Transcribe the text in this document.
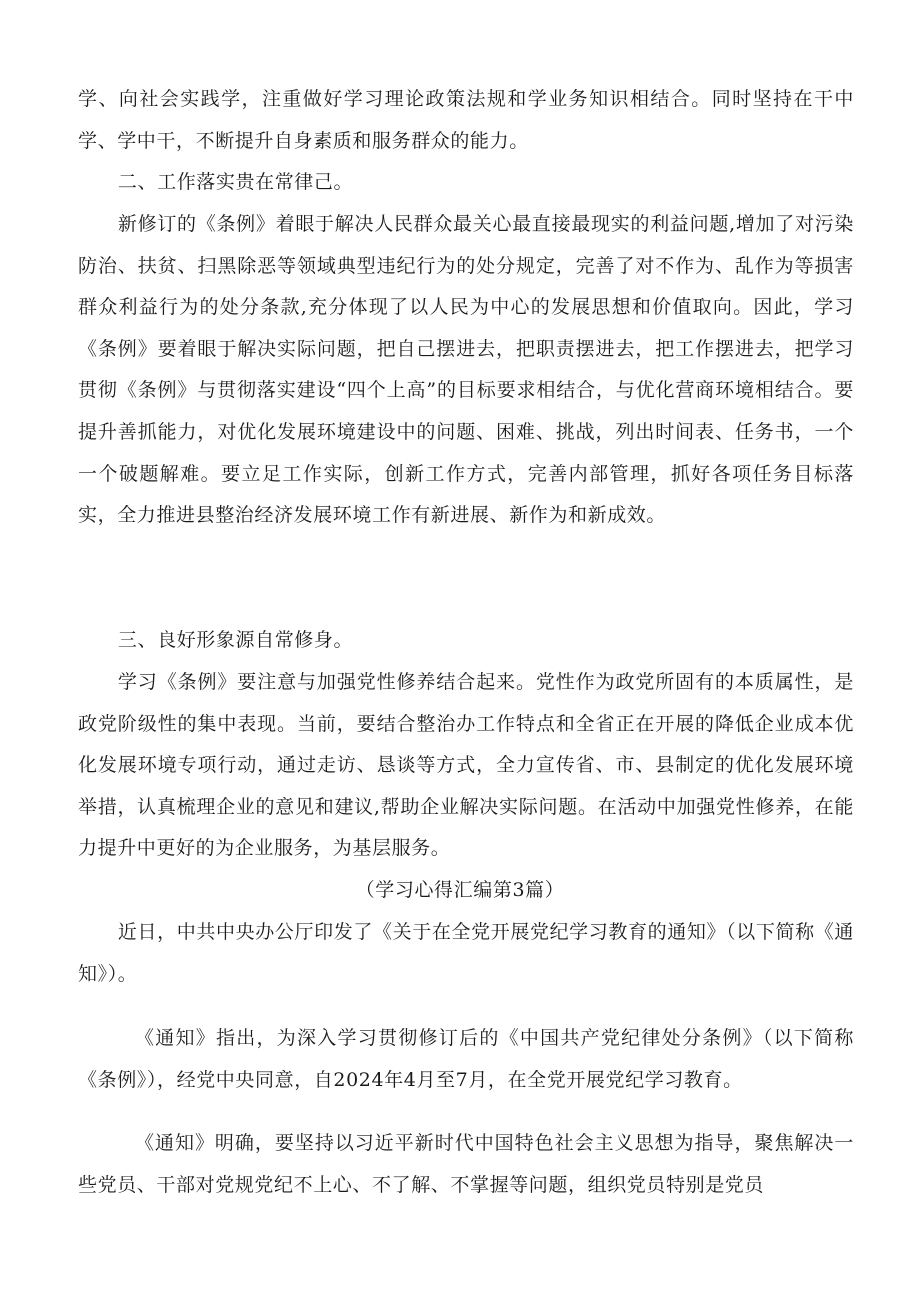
学、向社会实践学，注重做好学习理论政策法规和学业务知识相结合。同时坚持在干中学、学中干，不断提升自身素质和服务群众的能力。

二、工作落实贵在常律己。

新修订的《条例》着眼于解决人民群众最关心最直接最现实的利益问题,增加了对污染防治、扶贫、扫黑除恶等领域典型违纪行为的处分规定，完善了对不作为、乱作为等损害群众利益行为的处分条款,充分体现了以人民为中心的发展思想和价值取向。因此，学习《条例》要着眼于解决实际问题，把自己摆进去，把职责摆进去，把工作摆进去，把学习贯彻《条例》与贯彻落实建设“四个上高”的目标要求相结合，与优化营商环境相结合。要提升善抓能力，对优化发展环境建设中的问题、困难、挑战，列出时间表、任务书，一个一个破题解难。要立足工作实际，创新工作方式，完善内部管理，抓好各项任务目标落实，全力推进县整治经济发展环境工作有新进展、新作为和新成效。

三、良好形象源自常修身。

学习《条例》要注意与加强党性修养结合起来。党性作为政党所固有的本质属性，是政党阶级性的集中表现。当前，要结合整治办工作特点和全省正在开展的降低企业成本优化发展环境专项行动，通过走访、恳谈等方式，全力宣传省、市、县制定的优化发展环境举措，认真梳理企业的意见和建议,帮助企业解决实际问题。在活动中加强党性修养，在能力提升中更好的为企业服务，为基层服务。

（学习心得汇编第3篇）

近日，中共中央办公厅印发了《关于在全党开展党纪学习教育的通知》（以下简称《通知》）。

《通知》指出，为深入学习贯彻修订后的《中国共产党纪律处分条例》（以下简称《条例》），经党中央同意，自2024年4月至7月，在全党开展党纪学习教育。

《通知》明确，要坚持以习近平新时代中国特色社会主义思想为指导，聚焦解决一些党员、干部对党规党纪不上心、不了解、不掌握等问题，组织党员特别是党员
